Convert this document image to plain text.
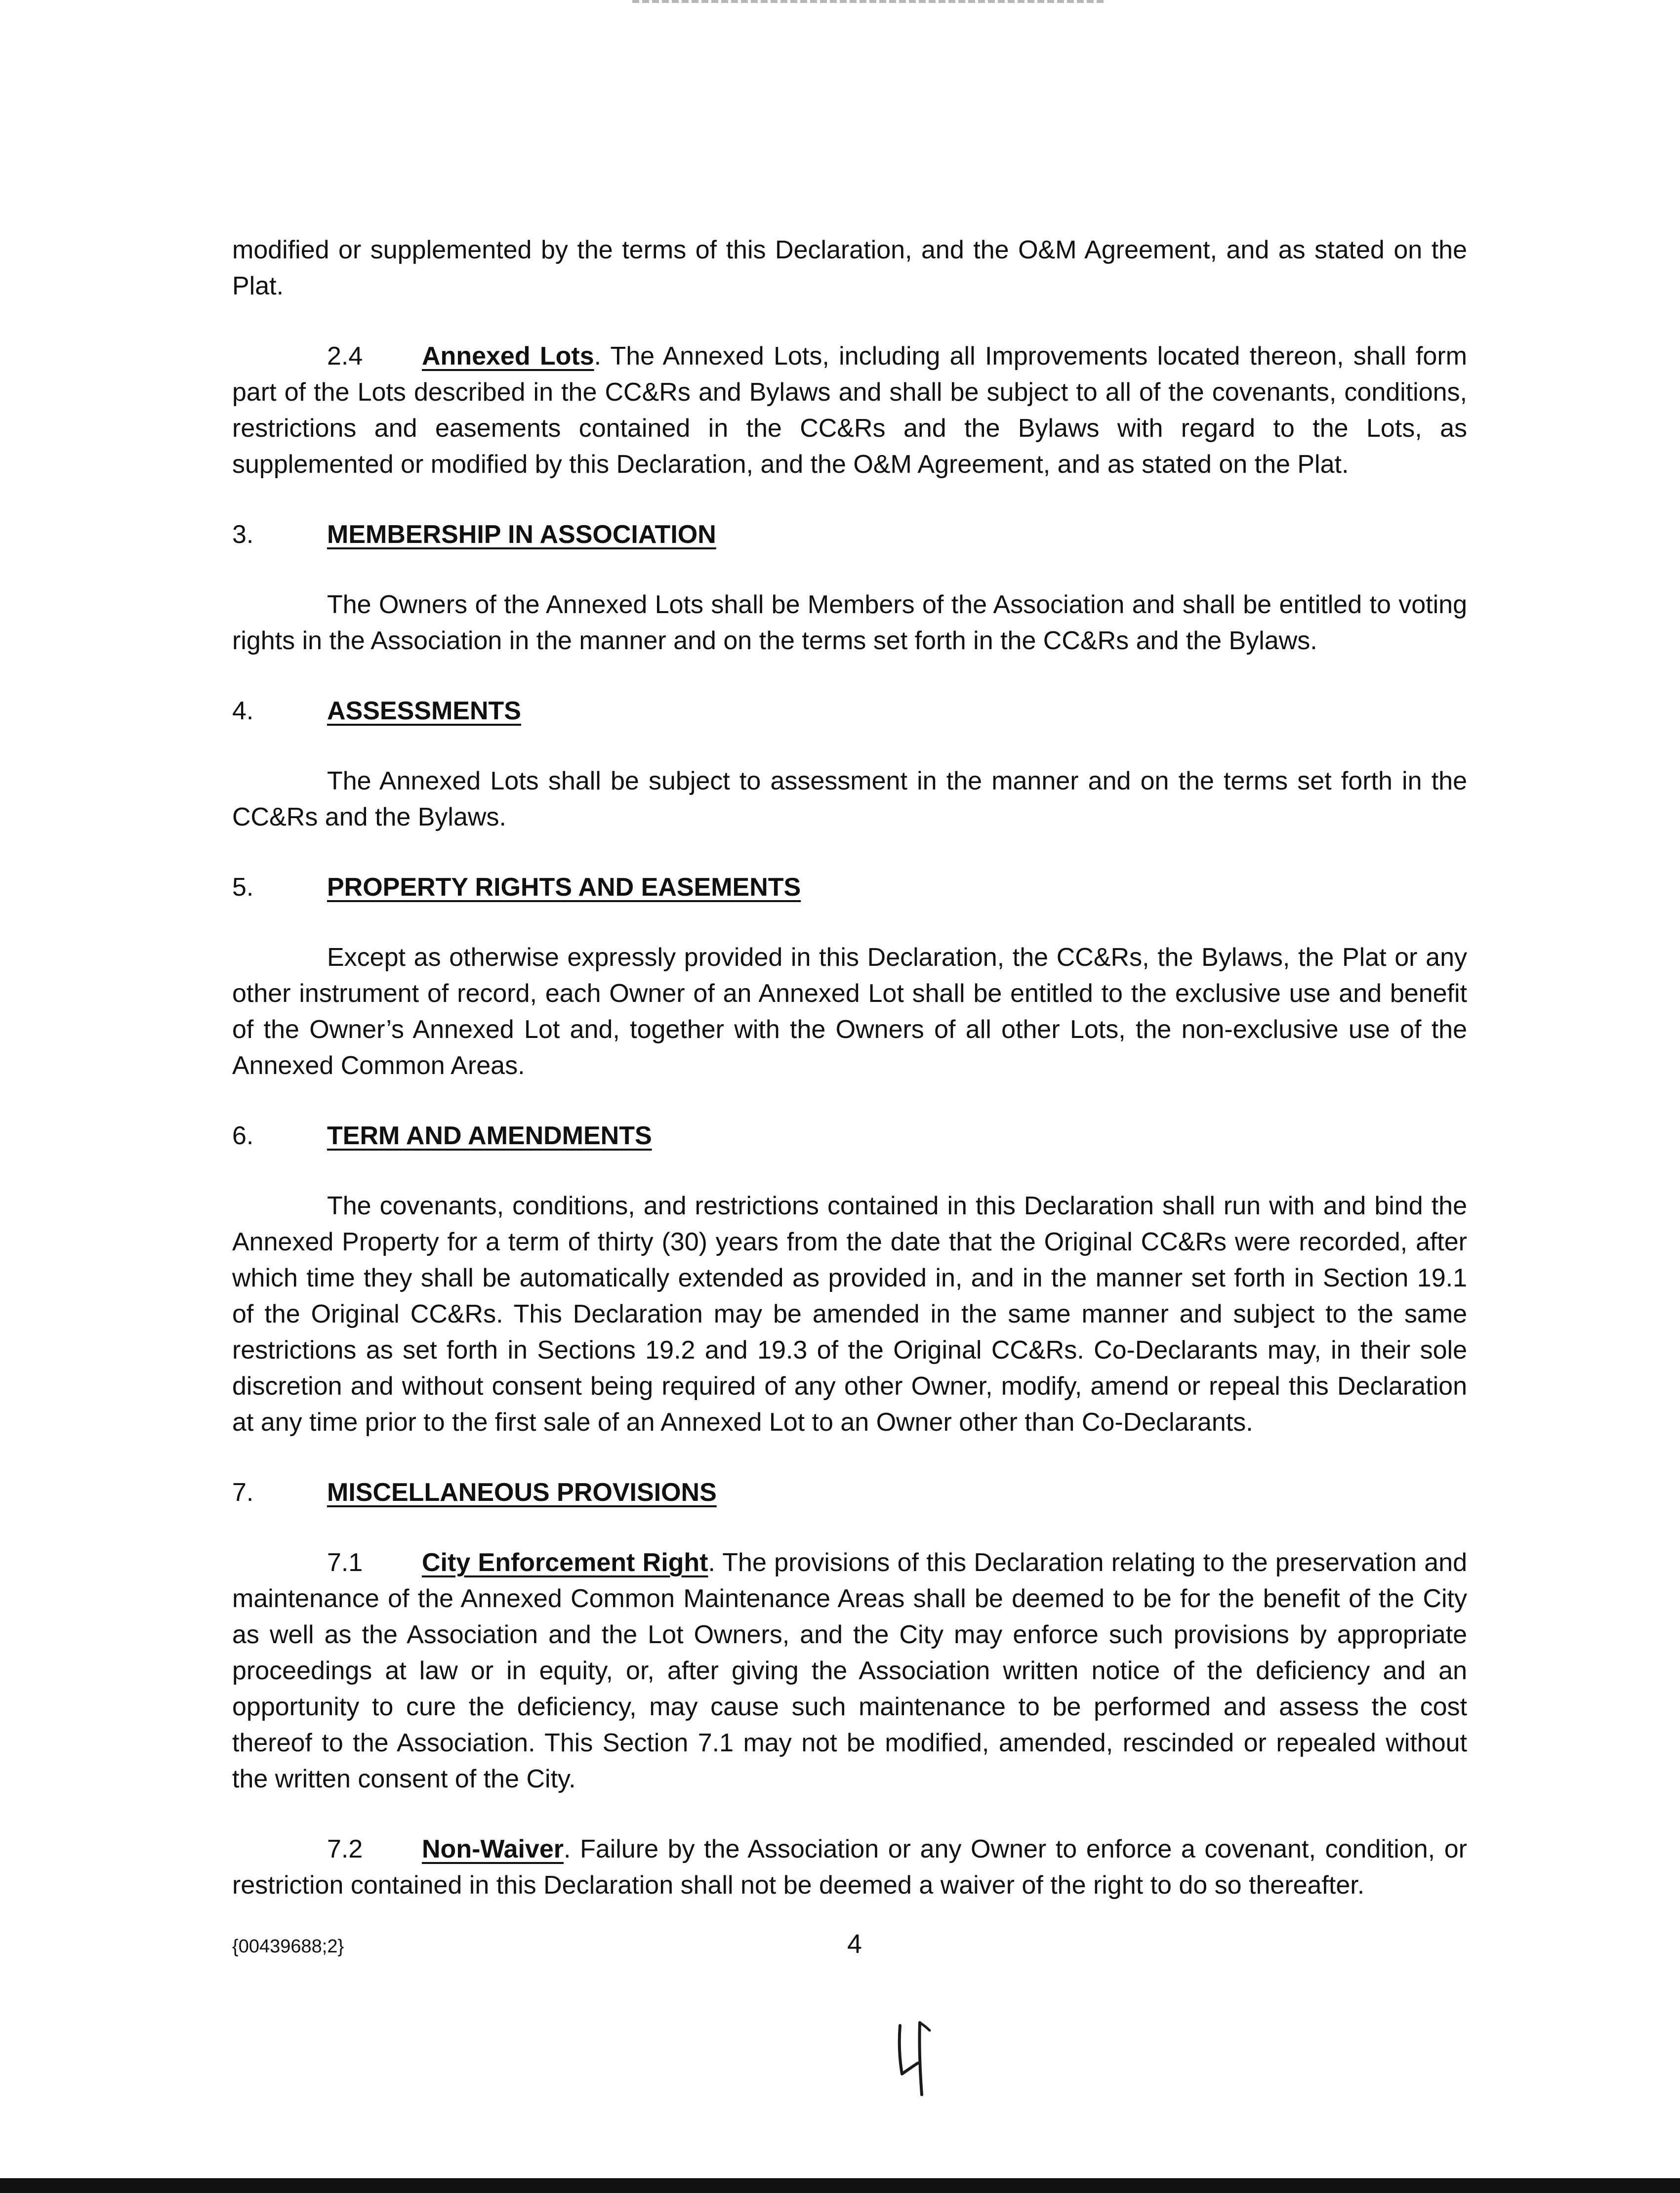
modified or supplemented by the terms of this Declaration, and the O&M Agreement, and as stated on the Plat.

2.4 Annexed Lots. The Annexed Lots, including all Improvements located thereon, shall form part of the Lots described in the CC&Rs and Bylaws and shall be subject to all of the covenants, conditions, restrictions and easements contained in the CC&Rs and the Bylaws with regard to the Lots, as supplemented or modified by this Declaration, and the O&M Agreement, and as stated on the Plat.

3.	MEMBERSHIP IN ASSOCIATION

The Owners of the Annexed Lots shall be Members of the Association and shall be entitled to voting rights in the Association in the manner and on the terms set forth in the CC&Rs and the Bylaws.

4.	ASSESSMENTS

The Annexed Lots shall be subject to assessment in the manner and on the terms set forth in the CC&Rs and the Bylaws.

5.	PROPERTY RIGHTS AND EASEMENTS

Except as otherwise expressly provided in this Declaration, the CC&Rs, the Bylaws, the Plat or any other instrument of record, each Owner of an Annexed Lot shall be entitled to the exclusive use and benefit of the Owner’s Annexed Lot and, together with the Owners of all other Lots, the non-exclusive use of the Annexed Common Areas.

6.	TERM AND AMENDMENTS

The covenants, conditions, and restrictions contained in this Declaration shall run with and bind the Annexed Property for a term of thirty (30) years from the date that the Original CC&Rs were recorded, after which time they shall be automatically extended as provided in, and in the manner set forth in Section 19.1 of the Original CC&Rs. This Declaration may be amended in the same manner and subject to the same restrictions as set forth in Sections 19.2 and 19.3 of the Original CC&Rs. Co-Declarants may, in their sole discretion and without consent being required of any other Owner, modify, amend or repeal this Declaration at any time prior to the first sale of an Annexed Lot to an Owner other than Co-Declarants.

7.	MISCELLANEOUS PROVISIONS

7.1 City Enforcement Right. The provisions of this Declaration relating to the preservation and maintenance of the Annexed Common Maintenance Areas shall be deemed to be for the benefit of the City as well as the Association and the Lot Owners, and the City may enforce such provisions by appropriate proceedings at law or in equity, or, after giving the Association written notice of the deficiency and an opportunity to cure the deficiency, may cause such maintenance to be performed and assess the cost thereof to the Association. This Section 7.1 may not be modified, amended, rescinded or repealed without the written consent of the City.

7.2 Non-Waiver. Failure by the Association or any Owner to enforce a covenant, condition, or restriction contained in this Declaration shall not be deemed a waiver of the right to do so thereafter.

{00439688;2}	4
